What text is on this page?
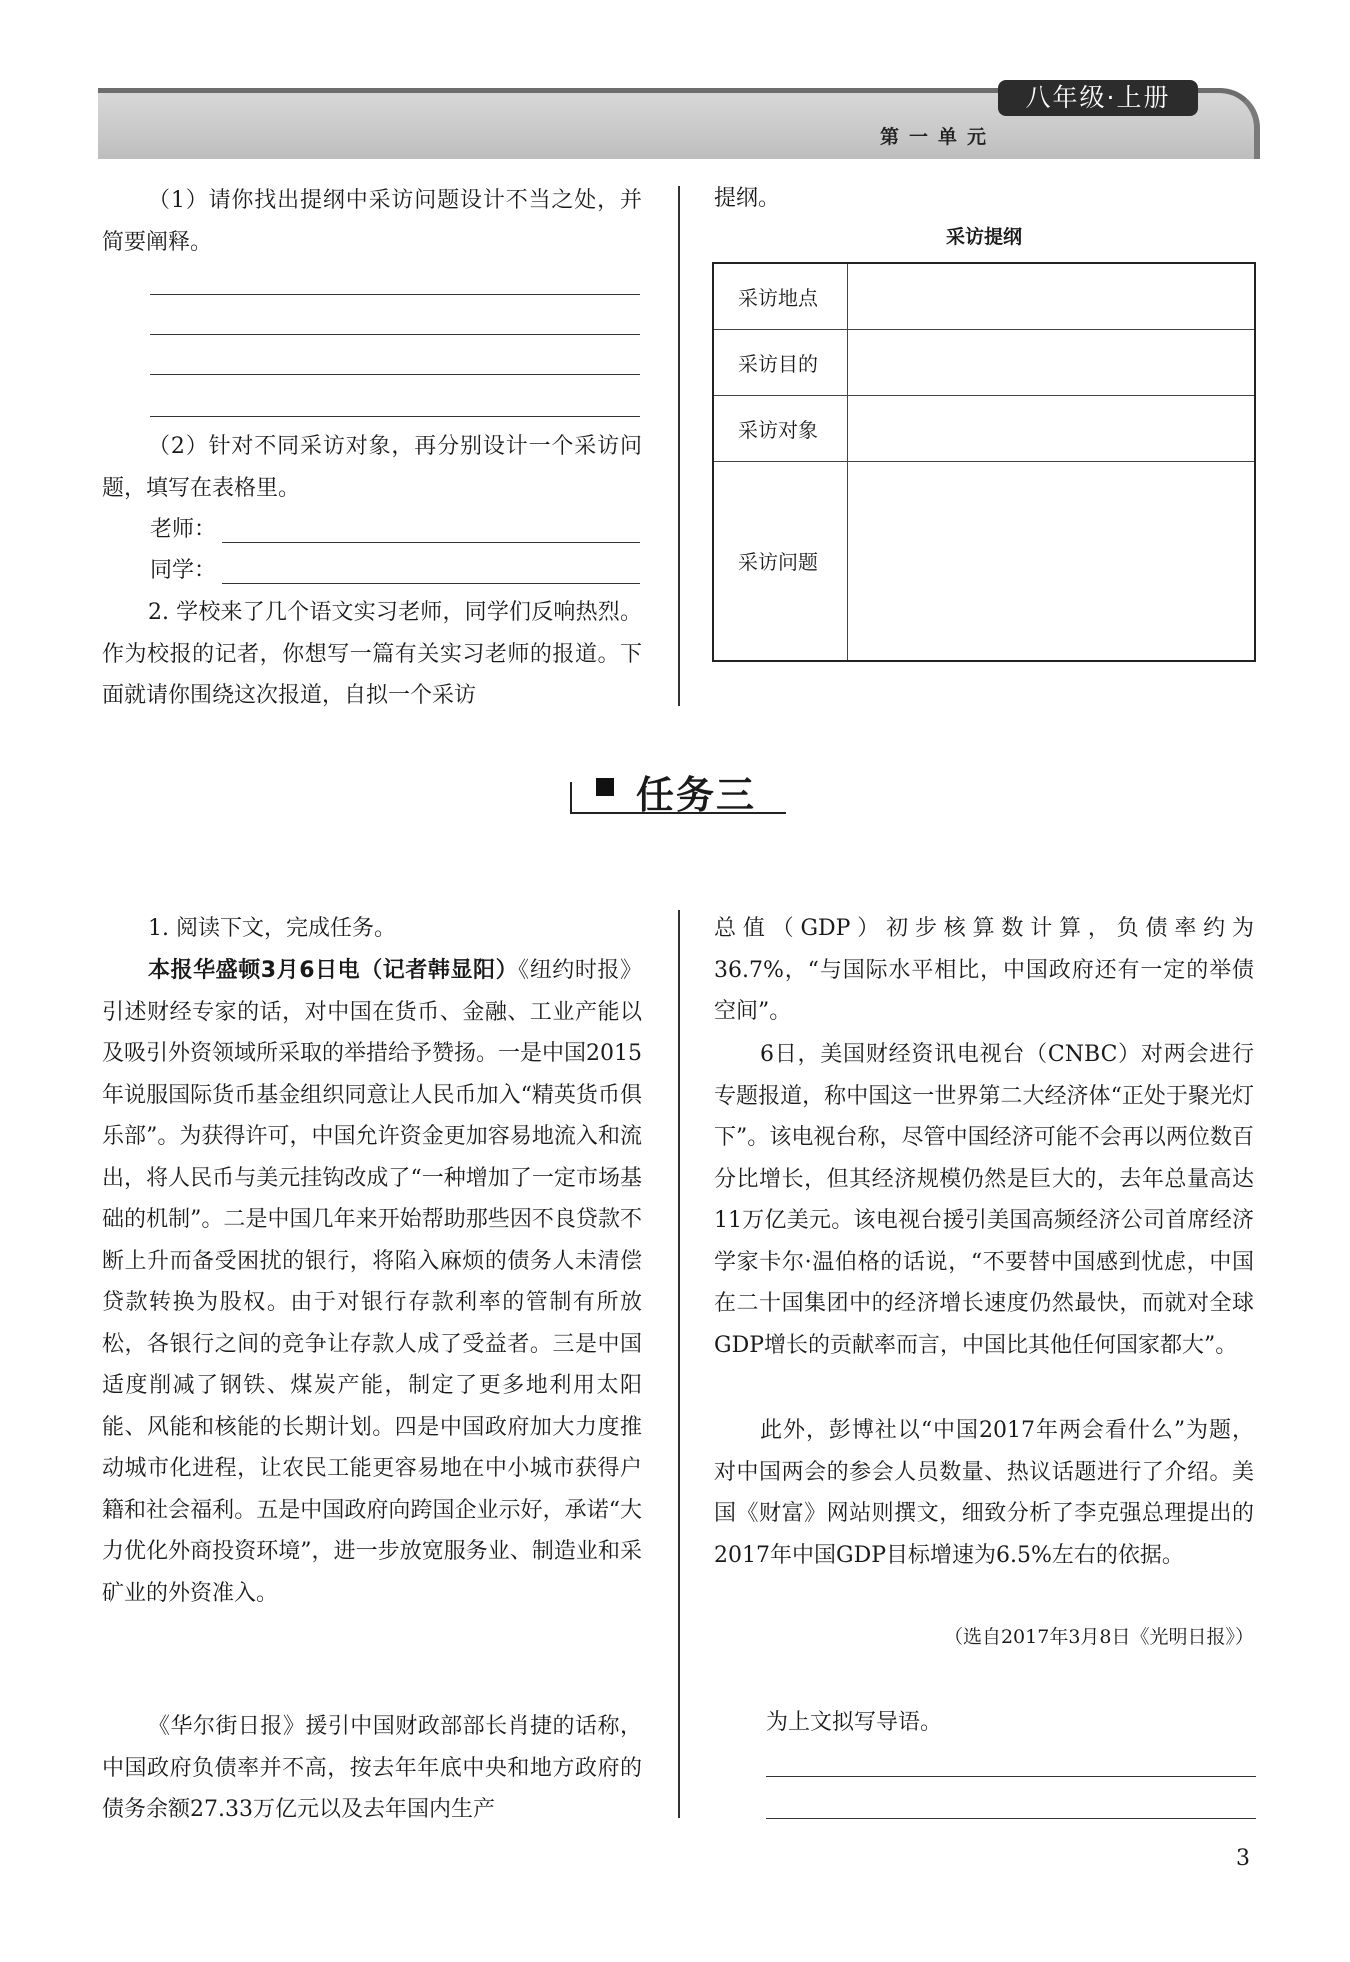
八年级·上册
第一单元

（1）请你找出提纲中采访问题设计不当之处，并简要阐释。

（2）针对不同采访对象，再分别设计一个采访问题，填写在表格里。

老师：
同学：

2. 学校来了几个语文实习老师，同学们反响热烈。作为校报的记者，你想写一篇有关实习老师的报道。下面就请你围绕这次报道，自拟一个采访

提纲。
采访提纲
采访地点	
采访目的	
采访对象	
采访问题	
任务三

1. 阅读下文，完成任务。

本报华盛顿3月6日电（记者韩显阳）《纽约时报》引述财经专家的话，对中国在货币、金融、工业产能以及吸引外资领域所采取的举措给予赞扬。一是中国2015年说服国际货币基金组织同意让人民币加入“精英货币俱乐部”。为获得许可，中国允许资金更加容易地流入和流出，将人民币与美元挂钩改成了“一种增加了一定市场基础的机制”。二是中国几年来开始帮助那些因不良贷款不断上升而备受困扰的银行，将陷入麻烦的债务人未清偿贷款转换为股权。由于对银行存款利率的管制有所放松，各银行之间的竞争让存款人成了受益者。三是中国适度削减了钢铁、煤炭产能，制定了更多地利用太阳能、风能和核能的长期计划。四是中国政府加大力度推动城市化进程，让农民工能更容易地在中小城市获得户籍和社会福利。五是中国政府向跨国企业示好，承诺“大力优化外商投资环境”，进一步放宽服务业、制造业和采矿业的外资准入。

《华尔街日报》援引中国财政部部长肖捷的话称，中国政府负债率并不高，按去年年底中央和地方政府的债务余额27.33万亿元以及去年国内生产

总值（GDP）初步核算数计算，负债率约为36.7%，“与国际水平相比，中国政府还有一定的举债空间”。

6日，美国财经资讯电视台（CNBC）对两会进行专题报道，称中国这一世界第二大经济体“正处于聚光灯下”。该电视台称，尽管中国经济可能不会再以两位数百分比增长，但其经济规模仍然是巨大的，去年总量高达11万亿美元。该电视台援引美国高频经济公司首席经济学家卡尔·温伯格的话说，“不要替中国感到忧虑，中国在二十国集团中的经济增长速度仍然最快，而就对全球GDP增长的贡献率而言，中国比其他任何国家都大”。

此外，彭博社以“中国2017年两会看什么”为题，对中国两会的参会人员数量、热议话题进行了介绍。美国《财富》网站则撰文，细致分析了李克强总理提出的2017年中国GDP目标增速为6.5%左右的依据。

（选自2017年3月8日《光明日报》）
为上文拟写导语。
3
